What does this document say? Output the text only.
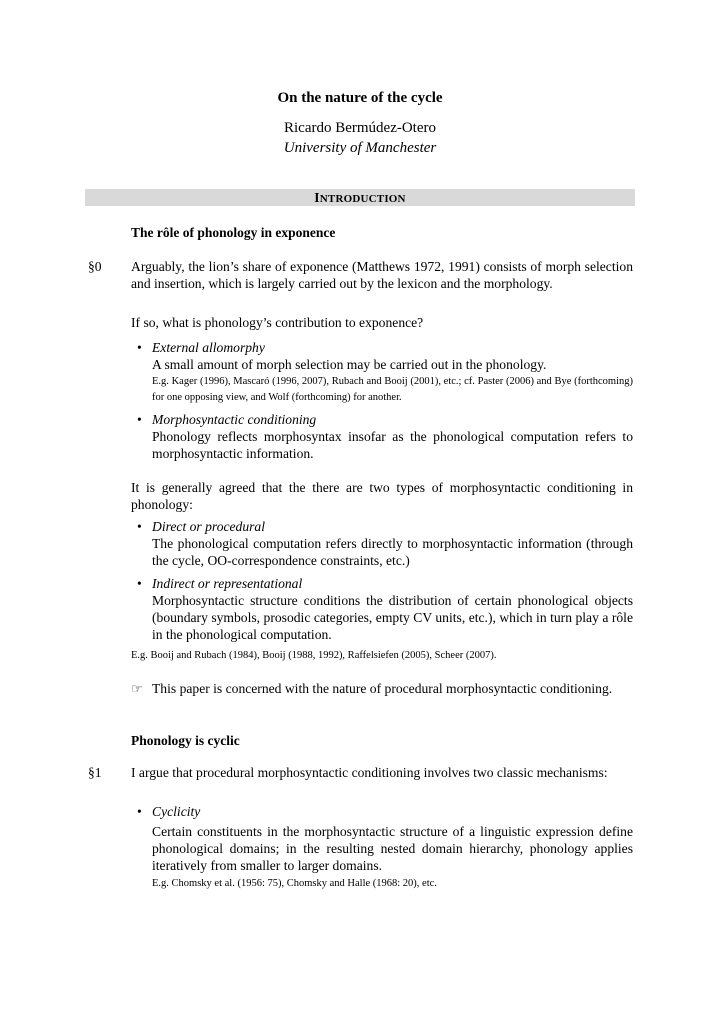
On the nature of the cycle
Ricardo Bermúdez-Otero
University of Manchester
INTRODUCTION
The rôle of phonology in exponence
§0 Arguably, the lion’s share of exponence (Matthews 1972, 1991) consists of morph selection and insertion, which is largely carried out by the lexicon and the morphology.
If so, what is phonology’s contribution to exponence?
• External allomorphy
A small amount of morph selection may be carried out in the phonology.
E.g. Kager (1996), Mascaró (1996, 2007), Rubach and Booij (2001), etc.; cf. Paster (2006) and Bye (forthcoming) for one opposing view, and Wolf (forthcoming) for another.
• Morphosyntactic conditioning
Phonology reflects morphosyntax insofar as the phonological computation refers to morphosyntactic information.
It is generally agreed that the there are two types of morphosyntactic conditioning in phonology:
• Direct or procedural
The phonological computation refers directly to morphosyntactic information (through the cycle, OO-correspondence constraints, etc.)
• Indirect or representational
Morphosyntactic structure conditions the distribution of certain phonological objects (boundary symbols, prosodic categories, empty CV units, etc.), which in turn play a rôle in the phonological computation.
E.g. Booij and Rubach (1984), Booij (1988, 1992), Raffelsiefen (2005), Scheer (2007).
☞ This paper is concerned with the nature of procedural morphosyntactic conditioning.
Phonology is cyclic
§1 I argue that procedural morphosyntactic conditioning involves two classic mechanisms:
• Cyclicity
Certain constituents in the morphosyntactic structure of a linguistic expression define phonological domains; in the resulting nested domain hierarchy, phonology applies iteratively from smaller to larger domains.
E.g. Chomsky et al. (1956: 75), Chomsky and Halle (1968: 20), etc.
